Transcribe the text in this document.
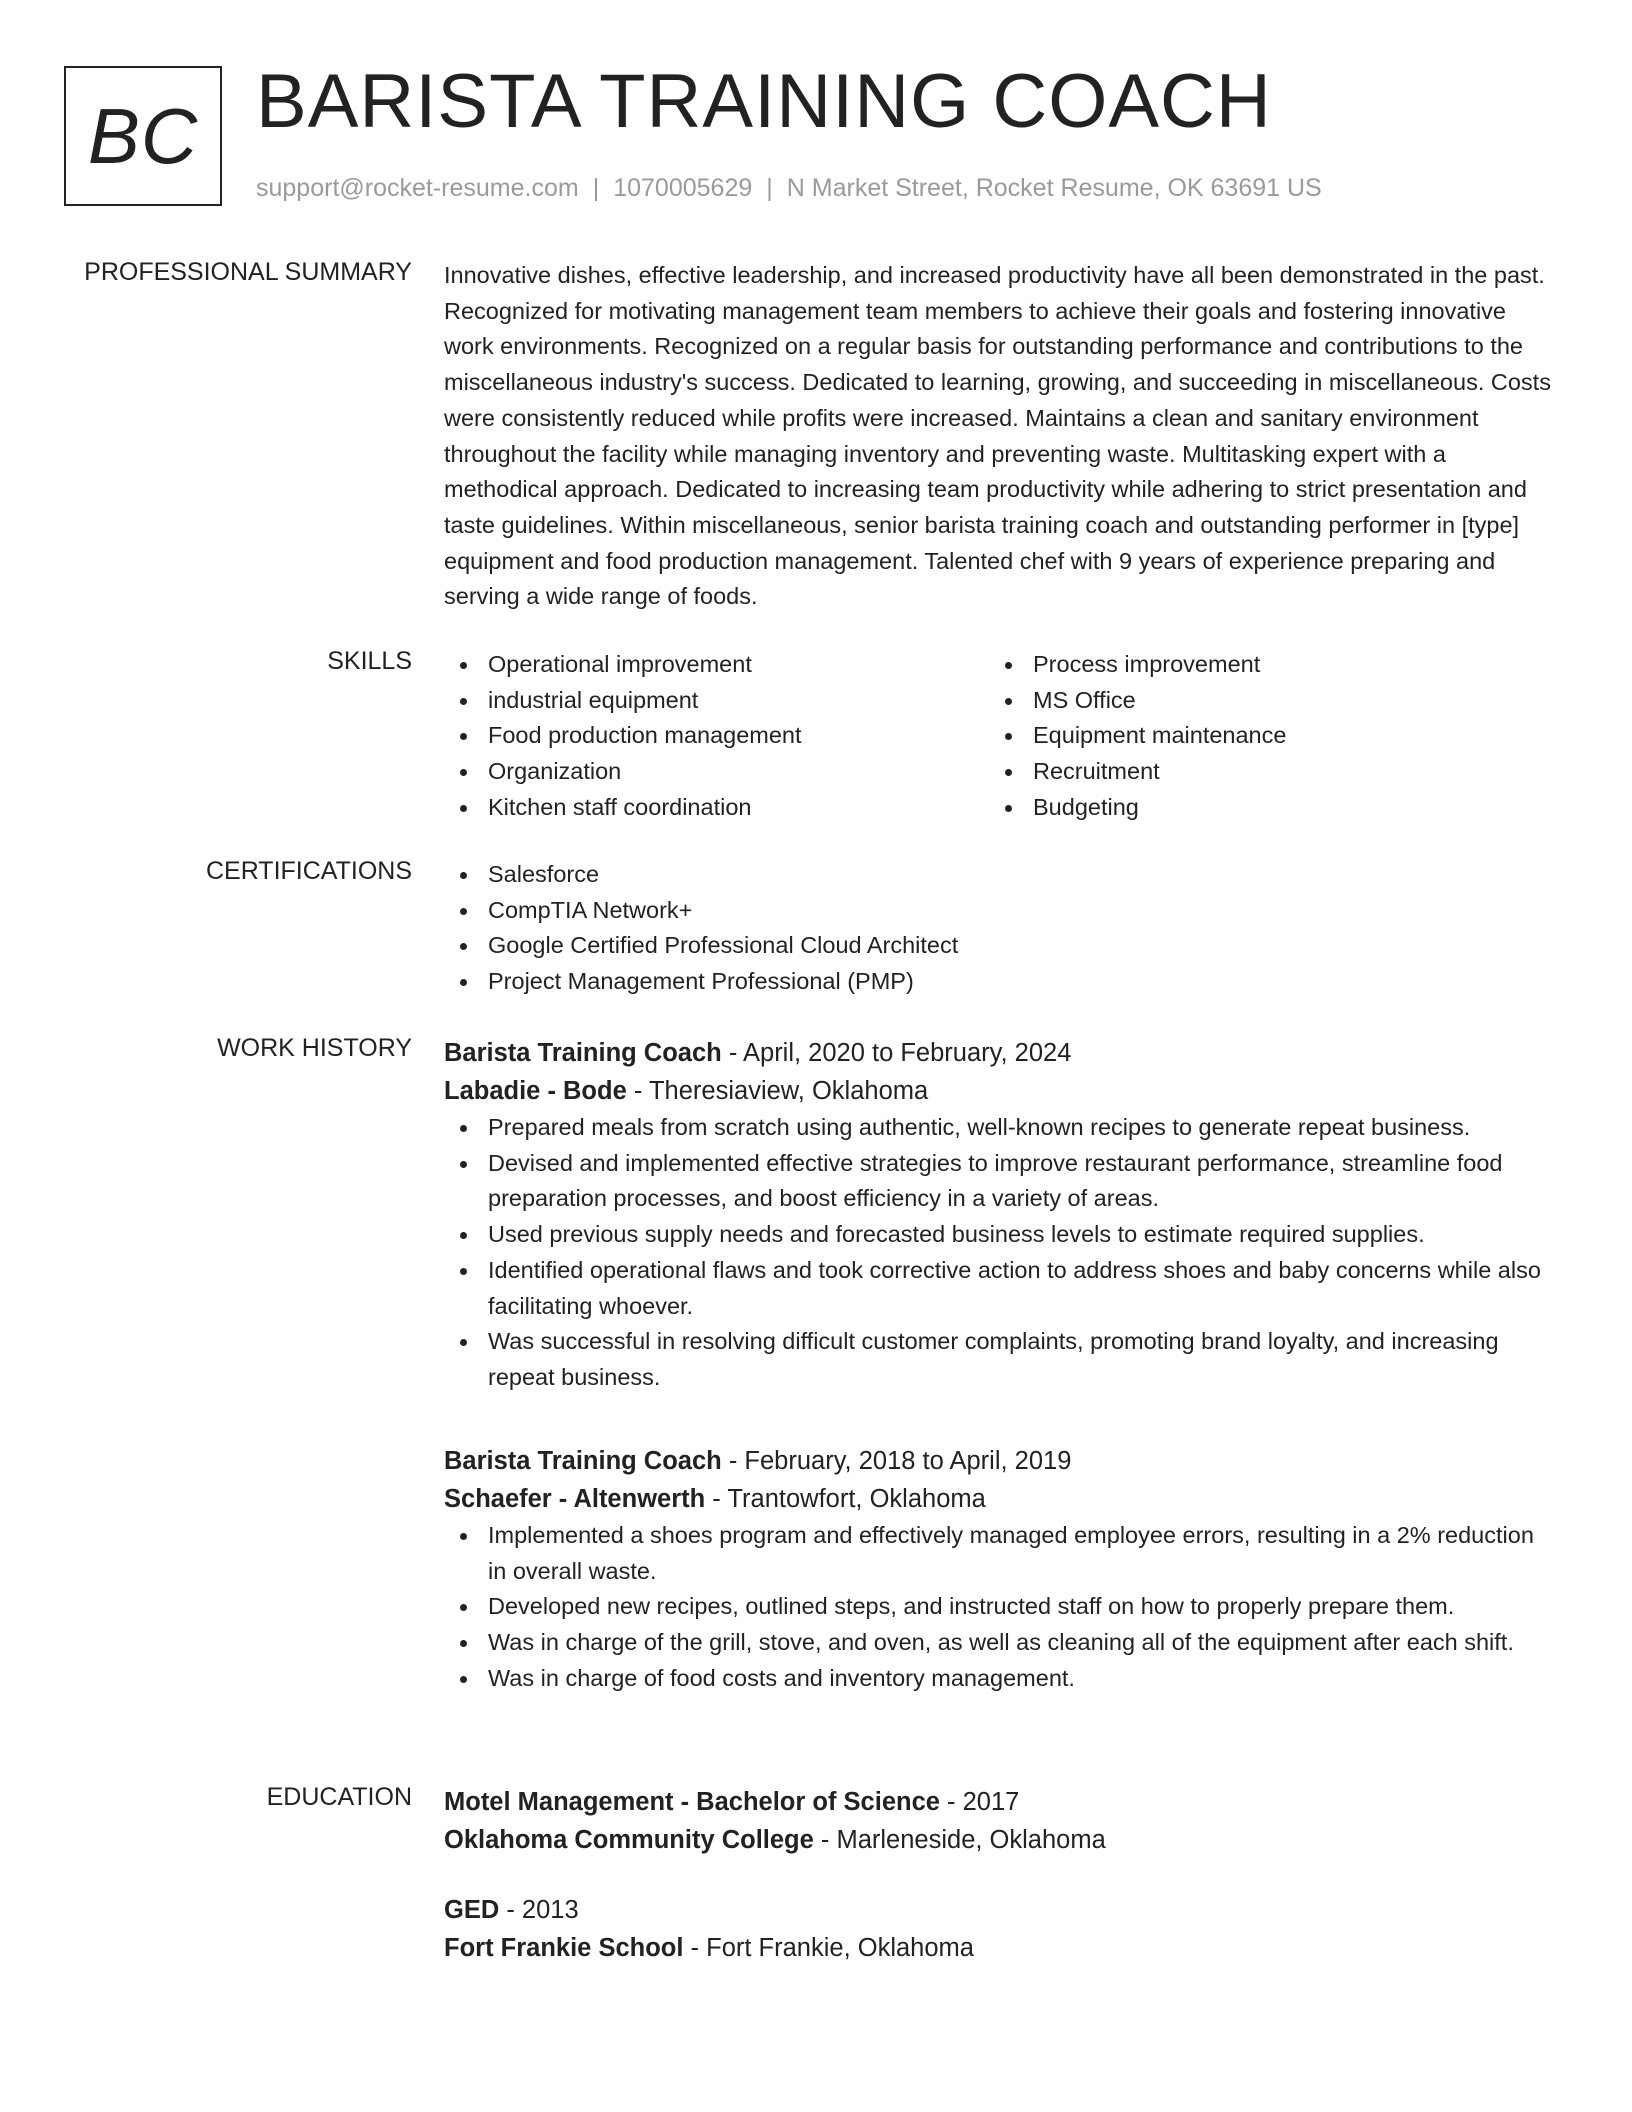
BC BARISTA TRAINING COACH
support@rocket-resume.com | 1070005629 | N Market Street, Rocket Resume, OK 63691 US
PROFESSIONAL SUMMARY Innovative dishes, effective leadership, and increased productivity have all been demonstrated in the past. Recognized for motivating management team members to achieve their goals and fostering innovative work environments. Recognized on a regular basis for outstanding performance and contributions to the miscellaneous industry's success. Dedicated to learning, growing, and succeeding in miscellaneous. Costs were consistently reduced while profits were increased. Maintains a clean and sanitary environment throughout the facility while managing inventory and preventing waste. Multitasking expert with a methodical approach. Dedicated to increasing team productivity while adhering to strict presentation and taste guidelines. Within miscellaneous, senior barista training coach and outstanding performer in [type] equipment and food production management. Talented chef with 9 years of experience preparing and serving a wide range of foods.
SKILLS	Operational improvement
industrial equipment
Food production management
Organization
Kitchen staff coordination
Process improvement
MS Office
Equipment maintenance
Recruitment
Budgeting
CERTIFICATIONS	Salesforce
CompTIA Network+
Google Certified Professional Cloud Architect
Project Management Professional (PMP)
WORK HISTORY Barista Training Coach - April, 2020 to February, 2024
Labadie - Bode - Theresiaview, Oklahoma
Prepared meals from scratch using authentic, well-known recipes to generate repeat business.
Devised and implemented effective strategies to improve restaurant performance, streamline food preparation processes, and boost efficiency in a variety of areas.
Used previous supply needs and forecasted business levels to estimate required supplies.
Identified operational flaws and took corrective action to address shoes and baby concerns while also facilitating whoever.
Was successful in resolving difficult customer complaints, promoting brand loyalty, and increasing repeat business.
Barista Training Coach - February, 2018 to April, 2019
Schaefer - Altenwerth - Trantowfort, Oklahoma
Implemented a shoes program and effectively managed employee errors, resulting in a 2% reduction in overall waste.
Developed new recipes, outlined steps, and instructed staff on how to properly prepare them.
Was in charge of the grill, stove, and oven, as well as cleaning all of the equipment after each shift.
Was in charge of food costs and inventory management.
EDUCATION Motel Management - Bachelor of Science - 2017
Oklahoma Community College - Marleneside, Oklahoma
GED - 2013
Fort Frankie School - Fort Frankie, Oklahoma
